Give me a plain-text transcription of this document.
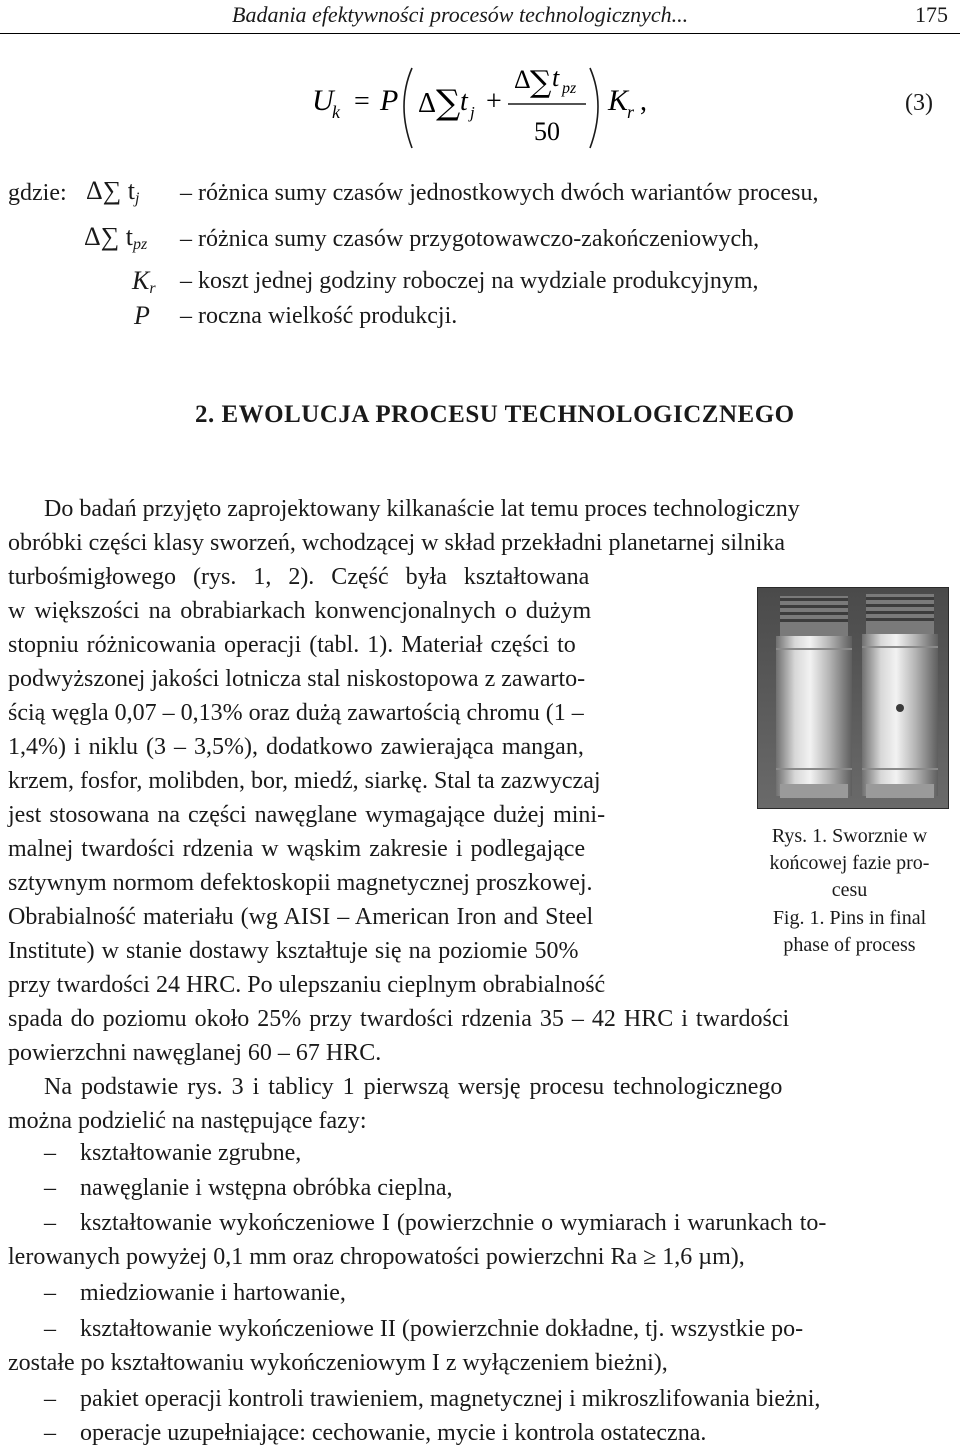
Badania efektywności procesów technologicznych...	175
U
k = P Δ ∑ t j +
Δ ∑ t pz
50
K
r ,	(3)
gdzie: Δ∑ $t_j$ – różnica sumy czasów jednostkowych dwóch wariantów procesu,
Δ∑ $t_{pz}$ – różnica sumy czasów przygotowawczo-zakończeniowych,
$K_r$ – koszt jednej godziny roboczej na wydziale produkcyjnym,
P – roczna wielkość produkcji.
2. EWOLUCJA PROCESU TECHNOLOGICZNEGO
Do badań przyjęto zaprojektowany kilkanaście lat temu proces technologiczny
obróbki części klasy sworzeń, wchodzącej w skład przekładni planetarnej silnika
turbośmigłowego (rys. 1, 2). Część była kształtowana
w większości na obrabiarkach konwencjonalnych o dużym
stopniu różnicowania operacji (tabl. 1). Materiał części to
podwyższonej jakości lotnicza stal niskostopowa z zawarto-
ścią węgla 0,07 – 0,13% oraz dużą zawartością chromu (1 –
1,4%) i niklu (3 – 3,5%), dodatkowo zawierająca mangan,
krzem, fosfor, molibden, bor, miedź, siarkę. Stal ta zazwyczaj
jest stosowana na części nawęglane wymagające dużej mini-
malnej twardości rdzenia w wąskim zakresie i podlegające
sztywnym normom defektoskopii magnetycznej proszkowej.
Obrabialność materiału (wg AISI – American Iron and Steel
Institute) w stanie dostawy kształtuje się na poziomie 50%
przy twardości 24 HRC. Po ulepszaniu cieplnym obrabialność
spada do poziomu około 25% przy twardości rdzenia 35 – 42 HRC i twardości
powierzchni nawęglanej 60 – 67 HRC.
Na podstawie rys. 3 i tablicy 1 pierwszą wersję procesu technologicznego
można podzielić na następujące fazy:
Rys. 1. Sworznie w
końcowej fazie pro-
cesu
Fig. 1. Pins in final
phase of process
– kształtowanie zgrubne,
– nawęglanie i wstępna obróbka cieplna,
– kształtowanie wykończeniowe I (powierzchnie o wymiarach i warunkach to-
lerowanych powyżej 0,1 mm oraz chropowatości powierzchni Ra ≥ 1,6 µm),
– miedziowanie i hartowanie,
– kształtowanie wykończeniowe II (powierzchnie dokładne, tj. wszystkie po-
zostałe po kształtowaniu wykończeniowym I z wyłączeniem bieżni),
– pakiet operacji kontroli trawieniem, magnetycznej i mikroszlifowania bieżni,
– operacje uzupełniające: cechowanie, mycie i kontrola ostateczna.
